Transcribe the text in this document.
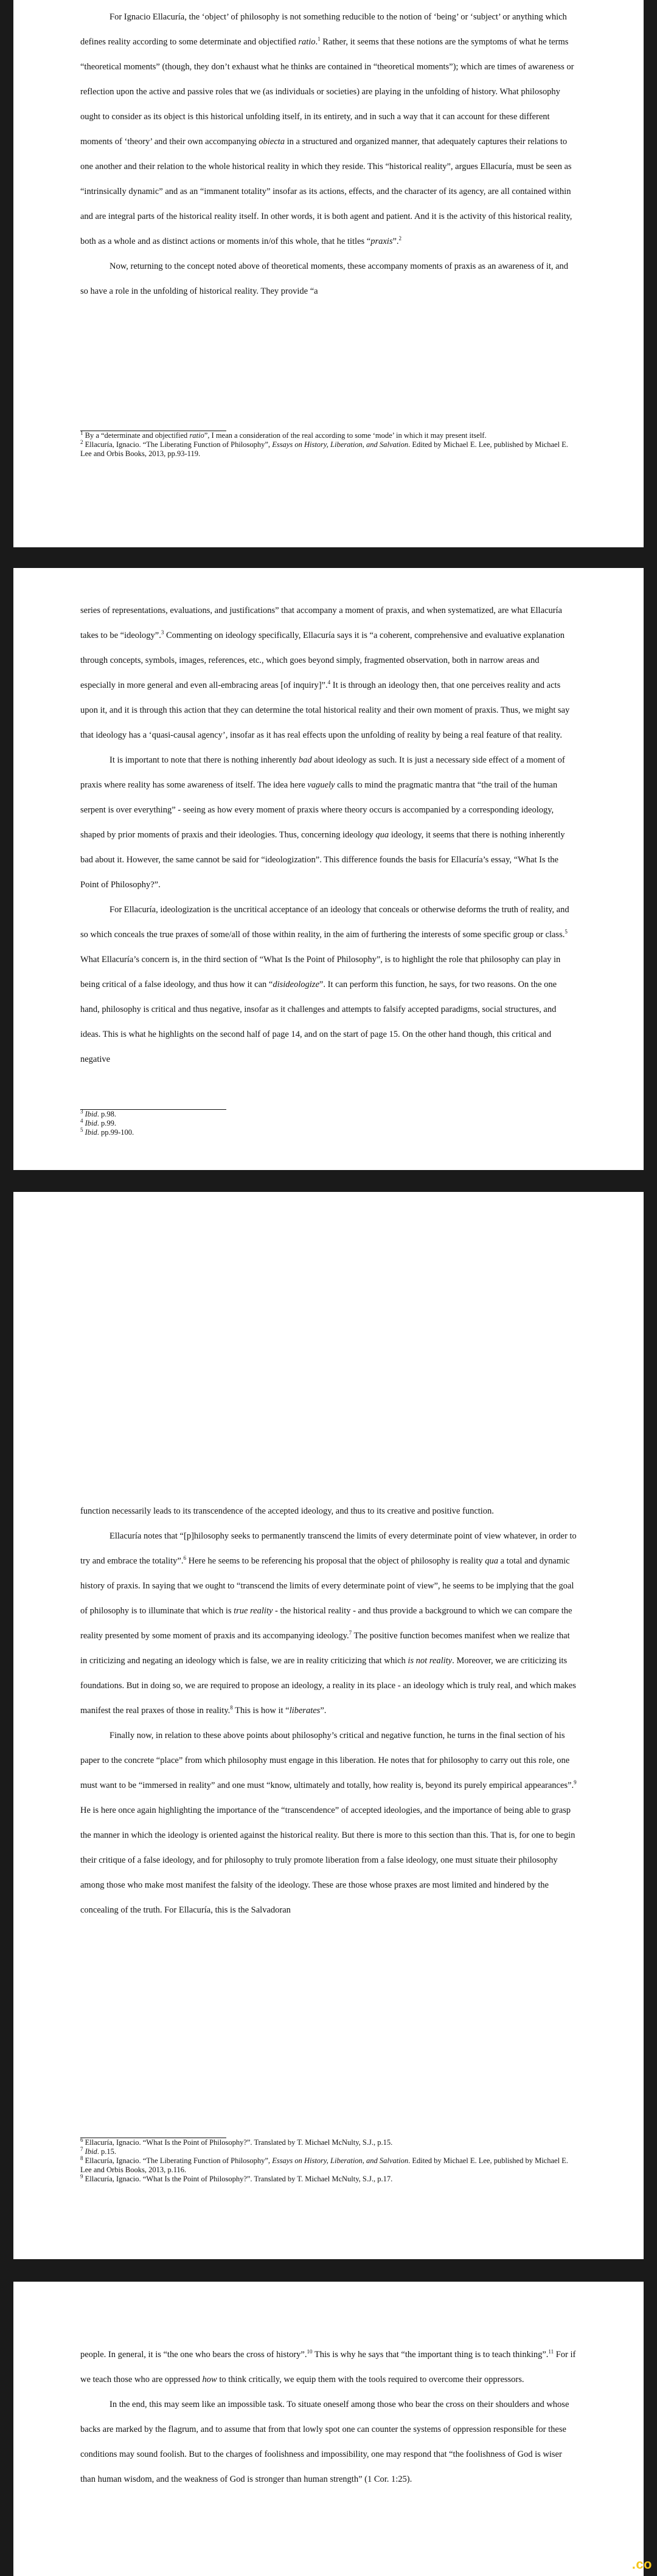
For Ignacio Ellacuría, the ‘object’ of philosophy is not something reducible to the notion of ‘being’ or ‘subject’ or anything which defines reality according to some determinate and objectified ratio.$^1$ Rather, it seems that these notions are the symptoms of what he terms “theoretical moments” (though, they don’t exhaust what he thinks are contained in “theoretical moments”); which are times of awareness or reflection upon the active and passive roles that we (as individuals or societies) are playing in the unfolding of history. What philosophy ought to consider as its object is this historical unfolding itself, in its entirety, and in such a way that it can account for these different moments of ‘theory’ and their own accompanying obiecta in a structured and organized manner, that adequately captures their relations to one another and their relation to the whole historical reality in which they reside. This “historical reality”, argues Ellacuría, must be seen as “intrinsically dynamic” and as an “immanent totality” insofar as its actions, effects, and the character of its agency, are all contained within and are integral parts of the historical reality itself. In other words, it is both agent and patient. And it is the activity of this historical reality, both as a whole and as distinct actions or moments in/of this whole, that he titles “praxis”.$^2$

Now, returning to the concept noted above of theoretical moments, these accompany moments of praxis as an awareness of it, and so have a role in the unfolding of historical reality. They provide “a

$^1$ By a “determinate and objectified ratio”, I mean a consideration of the real according to some ‘mode’ in which it may present itself.
$^2$ Ellacuría, Ignacio. “The Liberating Function of Philosophy”, Essays on History, Liberation, and Salvation. Edited by Michael E. Lee, published by Michael E. Lee and Orbis Books, 2013, pp.93-119.

series of representations, evaluations, and justifications” that accompany a moment of praxis, and when systematized, are what Ellacuría takes to be “ideology”.$^3$ Commenting on ideology specifically, Ellacuría says it is “a coherent, comprehensive and evaluative explanation through concepts, symbols, images, references, etc., which goes beyond simply, fragmented observation, both in narrow areas and especially in more general and even all-embracing areas [of inquiry]”.$^4$ It is through an ideology then, that one perceives reality and acts upon it, and it is through this action that they can determine the total historical reality and their own moment of praxis. Thus, we might say that ideology has a ‘quasi-causal agency’, insofar as it has real effects upon the unfolding of reality by being a real feature of that reality.

It is important to note that there is nothing inherently bad about ideology as such. It is just a necessary side effect of a moment of praxis where reality has some awareness of itself. The idea here vaguely calls to mind the pragmatic mantra that “the trail of the human serpent is over everything” - seeing as how every moment of praxis where theory occurs is accompanied by a corresponding ideology, shaped by prior moments of praxis and their ideologies. Thus, concerning ideology qua ideology, it seems that there is nothing inherently bad about it. However, the same cannot be said for “ideologization”. This difference founds the basis for Ellacuría’s essay, “What Is the Point of Philosophy?”.

For Ellacuría, ideologization is the uncritical acceptance of an ideology that conceals or otherwise deforms the truth of reality, and so which conceals the true praxes of some/all of those within reality, in the aim of furthering the interests of some specific group or class.$^5$ What Ellacuría’s concern is, in the third section of “What Is the Point of Philosophy”, is to highlight the role that philosophy can play in being critical of a false ideology, and thus how it can “disideologize”. It can perform this function, he says, for two reasons. On the one hand, philosophy is critical and thus negative, insofar as it challenges and attempts to falsify accepted paradigms, social structures, and ideas. This is what he highlights on the second half of page 14, and on the start of page 15. On the other hand though, this critical and negative

$^3$ Ibid. p.98.
$^4$ Ibid. p.99.
$^5$ Ibid. pp.99-100.

function necessarily leads to its transcendence of the accepted ideology, and thus to its creative and positive function.

Ellacuría notes that “[p]hilosophy seeks to permanently transcend the limits of every determinate point of view whatever, in order to try and embrace the totality”.$^6$ Here he seems to be referencing his proposal that the object of philosophy is reality qua a total and dynamic history of praxis. In saying that we ought to “transcend the limits of every determinate point of view”, he seems to be implying that the goal of philosophy is to illuminate that which is true reality - the historical reality - and thus provide a background to which we can compare the reality presented by some moment of praxis and its accompanying ideology.$^7$ The positive function becomes manifest when we realize that in criticizing and negating an ideology which is false, we are in reality criticizing that which is not reality. Moreover, we are criticizing its foundations. But in doing so, we are required to propose an ideology, a reality in its place - an ideology which is truly real, and which makes manifest the real praxes of those in reality.$^8$ This is how it “liberates”.

Finally now, in relation to these above points about philosophy’s critical and negative function, he turns in the final section of his paper to the concrete “place” from which philosophy must engage in this liberation. He notes that for philosophy to carry out this role, one must want to be “immersed in reality” and one must “know, ultimately and totally, how reality is, beyond its purely empirical appearances”.$^9$ He is here once again highlighting the importance of the “transcendence” of accepted ideologies, and the importance of being able to grasp the manner in which the ideology is oriented against the historical reality. But there is more to this section than this. That is, for one to begin their critique of a false ideology, and for philosophy to truly promote liberation from a false ideology, one must situate their philosophy among those who make most manifest the falsity of the ideology. These are those whose praxes are most limited and hindered by the concealing of the truth. For Ellacuría, this is the Salvadoran

$^6$ Ellacuría, Ignacio. “What Is the Point of Philosophy?”. Translated by T. Michael McNulty, S.J., p.15.
$^7$ Ibid. p.15.
$^8$ Ellacuría, Ignacio. “The Liberating Function of Philosophy”, Essays on History, Liberation, and Salvation. Edited by Michael E. Lee, published by Michael E. Lee and Orbis Books, 2013, p.116.
$^9$ Ellacuría, Ignacio. “What Is the Point of Philosophy?”. Translated by T. Michael McNulty, S.J., p.17.

people. In general, it is “the one who bears the cross of history”.$^{10}$ This is why he says that “the important thing is to teach thinking”.$^{11}$ For if we teach those who are oppressed how to think critically, we equip them with the tools required to overcome their oppressors.

In the end, this may seem like an impossible task. To situate oneself among those who bear the cross on their shoulders and whose backs are marked by the flagrum, and to assume that from that lowly spot one can counter the systems of oppression responsible for these conditions may sound foolish. But to the charges of foolishness and impossibility, one may respond that “the foolishness of God is wiser than human wisdom, and the weakness of God is stronger than human strength” (1 Cor. 1:25).

ifunny.co
